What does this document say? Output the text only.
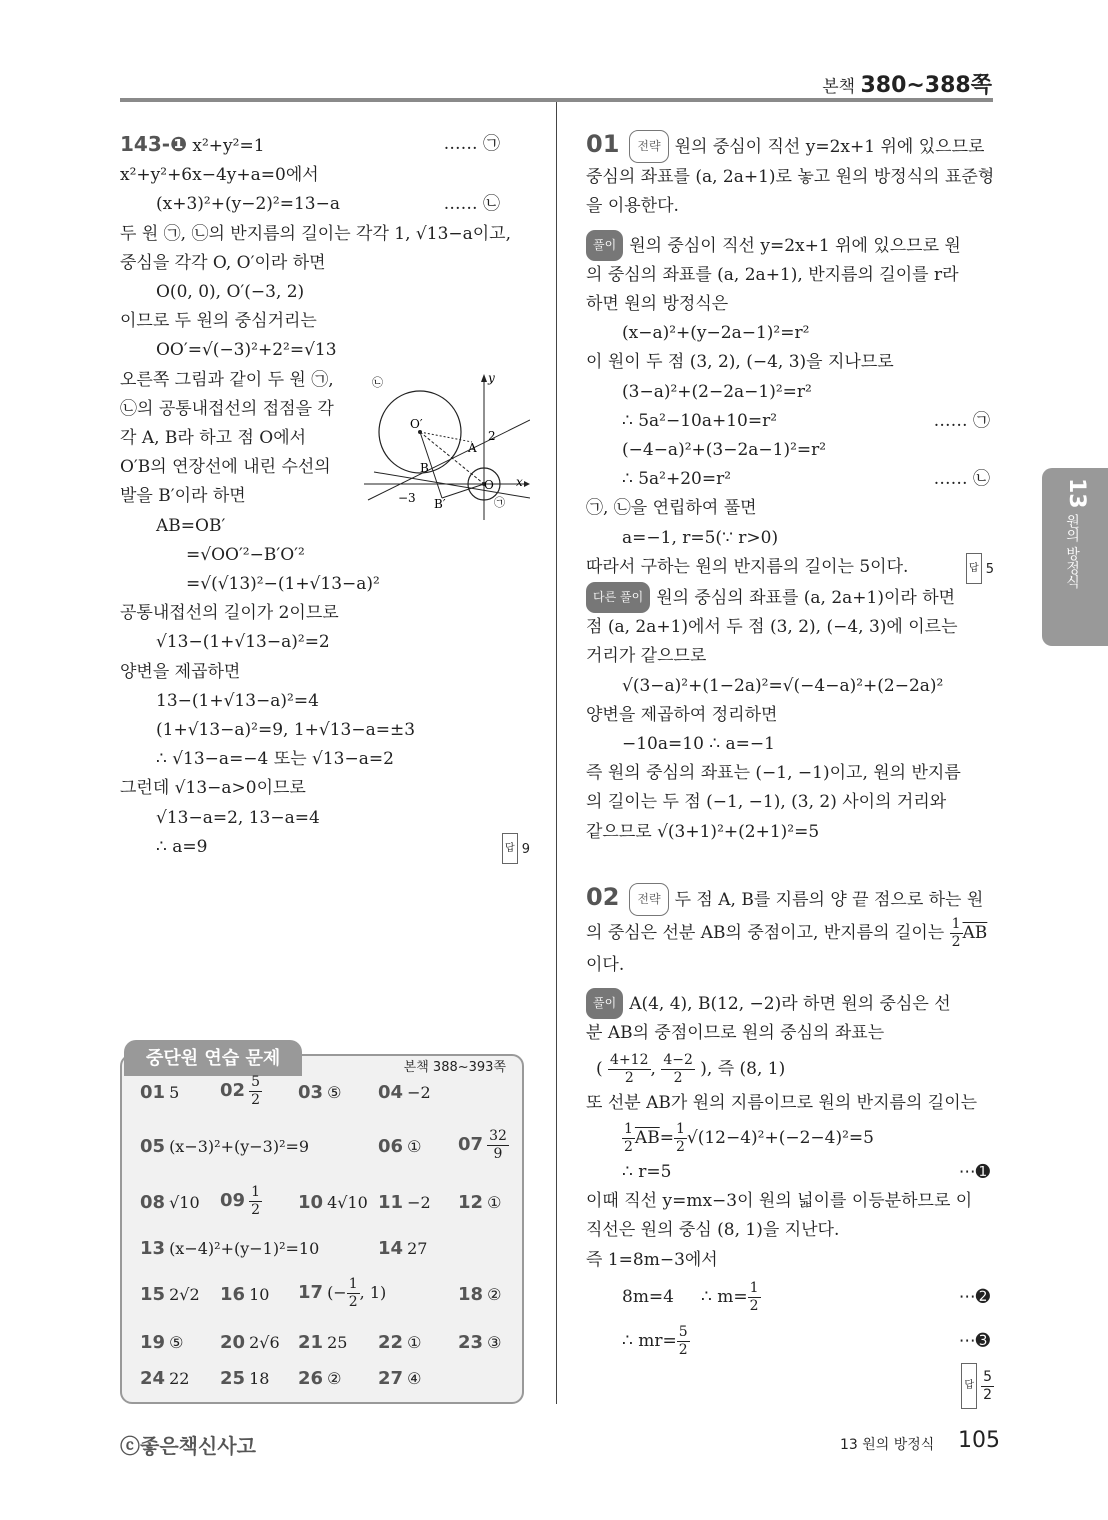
본책 380~388쪽
13
원의 방정식
143-❶ x²+y²=1	…… ㉠
x²+y²+6x−4y+a=0에서
(x+3)²+(y−2)²=13−a	…… ㉡
두 원 ㉠, ㉡의 반지름의 길이는 각각 1, √13−a이고,
중심을 각각 O, O′이라 하면
O(0, 0), O′(−3, 2)
이므로 두 원의 중심거리는
OO′=√(−3)²+2²=√13
오른쪽 그림과 같이 두 원 ㉠,
㉡의 공통내접선의 접점을 각
각 A, B라 하고 점 O에서
O′B의 연장선에 내린 수선의
발을 B′이라 하면
AB=OB′
=√OO′²−B′O′²
=√(√13)²−(1+√13−a)²
공통내접선의 길이가 2이므로
√13−(1+√13−a)²=2
양변을 제곱하면
13−(1+√13−a)²=4
(1+√13−a)²=9, 1+√13−a=±3
∴ √13−a=−4 또는 √13−a=2
그런데 √13−a>0이므로
√13−a=2, 13−a=4
∴ a=9	답 9
㉡	y
O′
2
A
B
O x
−3 B′	㉠
중단원 연습 문제	본책 388~393쪽
01 5 $02 \frac{5}{2} 03$ ⑤ 04 −2
05 (x−3)²+(y−3)²=9	06 ① $07 \frac{32}{9}$
08 √10 $09 \frac{1}{2} 10$ 4√10 11 −2 12 ①
13 (x−4)²+(y−1)²=10	14 27
15 2√2 16 10 17 (− $\frac{1}{2}$ , 1)	18 ②
19 ⑤ 20 2√6 21 25 22 ① 23 ③
24 22 25 18 26 ② 27 ④
01 전략 원의 중심이 직선 y=2x+1 위에 있으므로
중심의 좌표를 (a, 2a+1)로 놓고 원의 방정식의 표준형
을 이용한다.
풀이 원의 중심이 직선 y=2x+1 위에 있으므로 원
의 중심의 좌표를 (a, 2a+1), 반지름의 길이를 r라
하면 원의 방정식은
(x−a)²+(y−2a−1)²=r²
이 원이 두 점 (3, 2), (−4, 3)을 지나므로
(3−a)²+(2−2a−1)²=r²
∴ 5a²−10a+10=r²	…… ㉠
(−4−a)²+(3−2a−1)²=r²
∴ 5a²+20=r²	…… ㉡
㉠, ㉡을 연립하여 풀면
a=−1, r=5(∵ r>0)
따라서 구하는 원의 반지름의 길이는 5이다.	답 5
다른 풀이 원의 중심의 좌표를 (a, 2a+1)이라 하면
점 (a, 2a+1)에서 두 점 (3, 2), (−4, 3)에 이르는
거리가 같으므로
√(3−a)²+(1−2a)²=√(−4−a)²+(2−2a)²
양변을 제곱하여 정리하면
−10a=10 ∴ a=−1
즉 원의 중심의 좌표는 (−1, −1)이고, 원의 반지름
의 길이는 두 점 (−1, −1), (3, 2) 사이의 거리와
같으므로 √(3+1)²+(2+1)²=5
02 전략 두 점 A, B를 지름의 양 끝 점으로 하는 원
의 중심은 선분 AB의 중점이고, 반지름의 길이는 $\frac{1}{2} \overline{AB}$
이다.
풀이 A(4, 4), B(12, −2)라 하면 원의 중심은 선
분 AB의 중점이므로 원의 중심의 좌표는
( $\frac{4+12}{2}$ , $\frac{4-2}{2}$ ), 즉 (8, 1)
또 선분 AB가 원의 지름이므로 원의 반지름의 길이는
$\frac{1}{2} \overline{AB}= \frac{1}{2} √(12-4)^2+(-2-4)^2=5$
∴ r=5	⋯➊
이때 직선 y=mx−3이 원의 넓이를 이등분하므로 이
직선은 원의 중심 (8, 1)을 지난다.
즉 1=8m−3에서
8m=4 ∴ $m= \frac{1}{2}$	⋯➋
∴ $mr= \frac{5}{2}$	⋯➌
답 $\frac{5}{2}$

ⓒ좋은책신사고	13 원의 방정식 105
